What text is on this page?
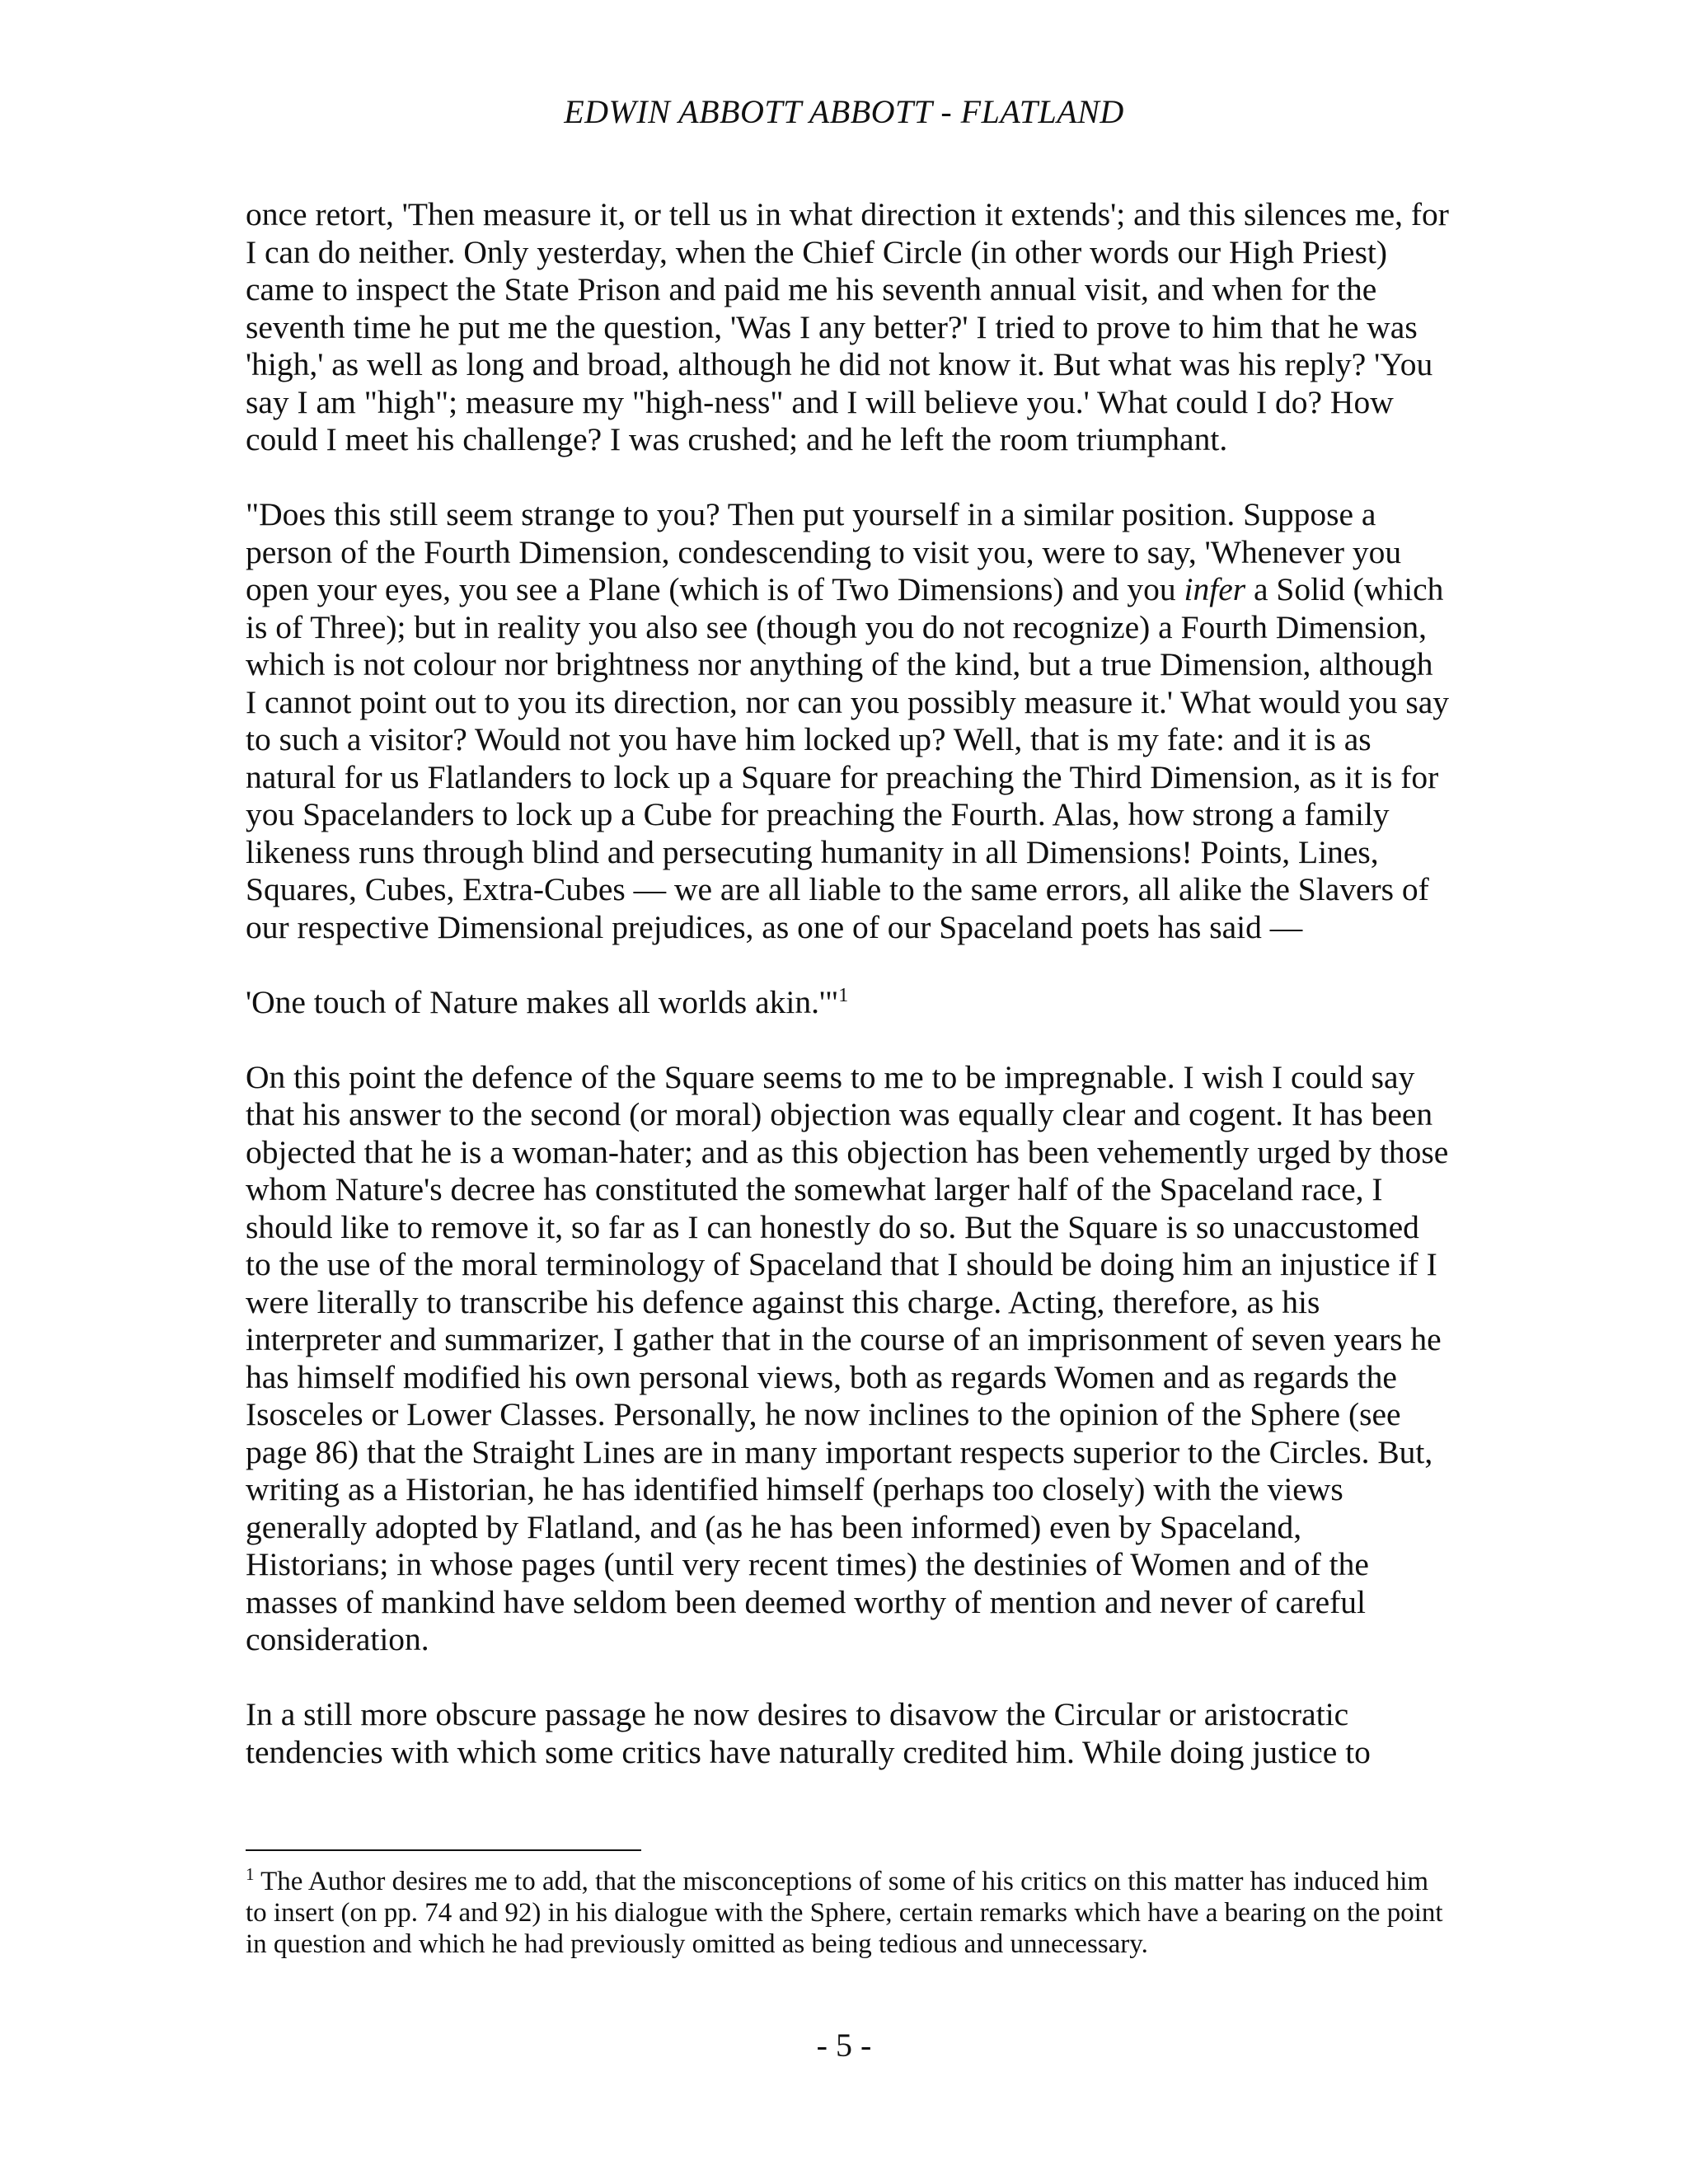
EDWIN ABBOTT ABBOTT - FLATLAND

once retort, 'Then measure it, or tell us in what direction it extends'; and this silences me, for I can do neither. Only yesterday, when the Chief Circle (in other words our High Priest) came to inspect the State Prison and paid me his seventh annual visit, and when for the seventh time he put me the question, 'Was I any better?' I tried to prove to him that he was 'high,' as well as long and broad, although he did not know it. But what was his reply? 'You say I am "high"; measure my "high-ness" and I will believe you.' What could I do? How could I meet his challenge? I was crushed; and he left the room triumphant.

"Does this still seem strange to you? Then put yourself in a similar position. Suppose a person of the Fourth Dimension, condescending to visit you, were to say, 'Whenever you open your eyes, you see a Plane (which is of Two Dimensions) and you infer a Solid (which is of Three); but in reality you also see (though you do not recognize) a Fourth Dimension, which is not colour nor brightness nor anything of the kind, but a true Dimension, although I cannot point out to you its direction, nor can you possibly measure it.' What would you say to such a visitor? Would not you have him locked up? Well, that is my fate: and it is as natural for us Flatlanders to lock up a Square for preaching the Third Dimension, as it is for you Spacelanders to lock up a Cube for preaching the Fourth. Alas, how strong a family likeness runs through blind and persecuting humanity in all Dimensions! Points, Lines, Squares, Cubes, Extra-Cubes — we are all liable to the same errors, all alike the Slavers of our respective Dimensional prejudices, as one of our Spaceland poets has said —

'One touch of Nature makes all worlds akin.'"$^1$

On this point the defence of the Square seems to me to be impregnable. I wish I could say that his answer to the second (or moral) objection was equally clear and cogent. It has been objected that he is a woman-hater; and as this objection has been vehemently urged by those whom Nature's decree has constituted the somewhat larger half of the Spaceland race, I should like to remove it, so far as I can honestly do so. But the Square is so unaccustomed to the use of the moral terminology of Spaceland that I should be doing him an injustice if I were literally to transcribe his defence against this charge. Acting, therefore, as his interpreter and summarizer, I gather that in the course of an imprisonment of seven years he has himself modified his own personal views, both as regards Women and as regards the Isosceles or Lower Classes. Personally, he now inclines to the opinion of the Sphere (see page 86) that the Straight Lines are in many important respects superior to the Circles. But, writing as a Historian, he has identified himself (perhaps too closely) with the views generally adopted by Flatland, and (as he has been informed) even by Spaceland, Historians; in whose pages (until very recent times) the destinies of Women and of the masses of mankind have seldom been deemed worthy of mention and never of careful consideration.

In a still more obscure passage he now desires to disavow the Circular or aristocratic tendencies with which some critics have naturally credited him. While doing justice to

$^1$ The Author desires me to add, that the misconceptions of some of his critics on this matter has induced him to insert (on pp. 74 and 92) in his dialogue with the Sphere, certain remarks which have a bearing on the point in question and which he had previously omitted as being tedious and unnecessary.
- 5 -
